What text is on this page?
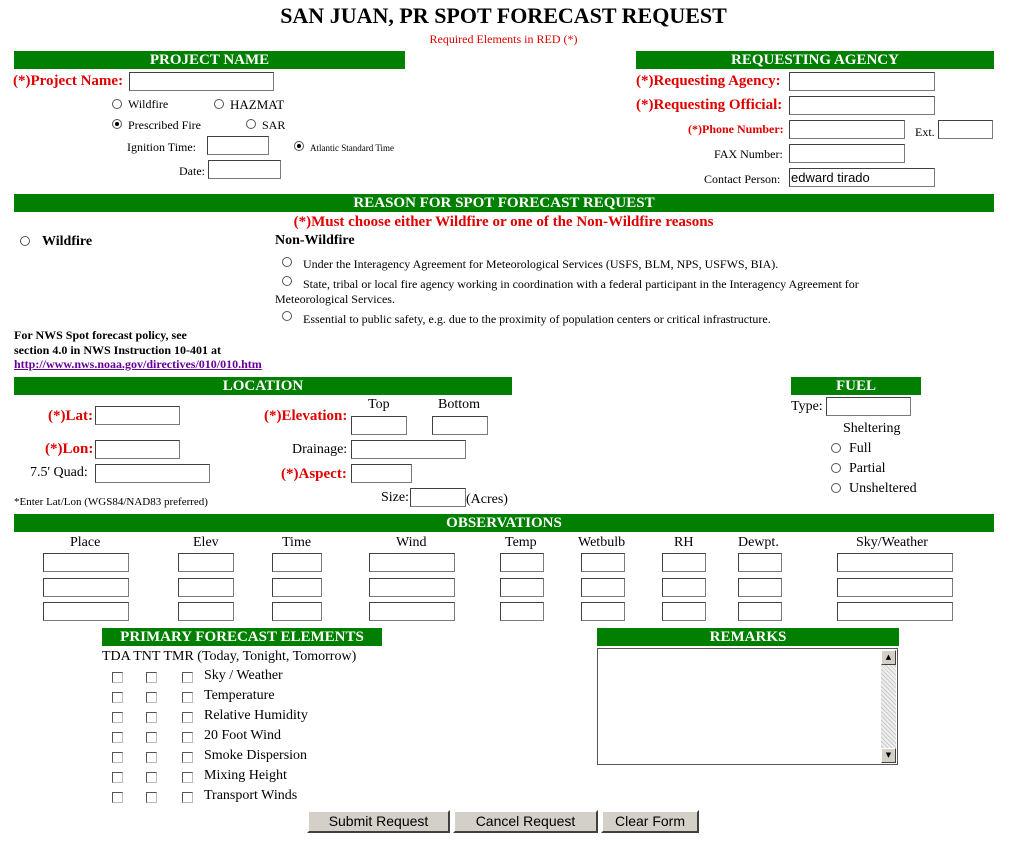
SAN JUAN, PR SPOT FORECAST REQUEST
Required Elements in RED (*)
PROJECT NAME
(*)Project Name:
Wildfire	HAZMAT
Prescribed Fire	SAR
Ignition Time:	Atlantic Standard Time
Date:
REQUESTING AGENCY
(*)Requesting Agency:
(*)Requesting Official:
(*)Phone Number:	Ext.
FAX Number:
Contact Person: edward tirado
REASON FOR SPOT FORECAST REQUEST
(*)Must choose either Wildfire or one of the Non-Wildfire reasons
Wildfire	Non-Wildfire
Under the Interagency Agreement for Meteorological Services (USFS, BLM, NPS, USFWS, BIA).
State, tribal or local fire agency working in coordination with a federal participant in the Interagency Agreement for
Meteorological Services.
Essential to public safety, e.g. due to the proximity of population centers or critical infrastructure.
For NWS Spot forecast policy, see
section 4.0 in NWS Instruction 10-401 at
http://www.nws.noaa.gov/directives/010/010.htm
LOCATION
(*)Lat:
(*)Lon:
7.5' Quad:
*Enter Lat/Lon (WGS84/NAD83 preferred)
Top	Bottom
(*)Elevation:
Drainage:
(*)Aspect:
Size:	(Acres)
FUEL
Type:
Sheltering
Full
Partial
Unsheltered
OBSERVATIONS
Place	Elev	Time	Wind	Temp	Wetbulb	RH	Dewpt.	Sky/Weather
PRIMARY FORECAST ELEMENTS
TDA TNT TMR (Today, Tonight, Tomorrow)
Sky / Weather
Temperature
Relative Humidity
20 Foot Wind
Smoke Dispersion
Mixing Height
Transport Winds
REMARKS
▲
▼
Submit Request	Cancel Request	Clear Form
